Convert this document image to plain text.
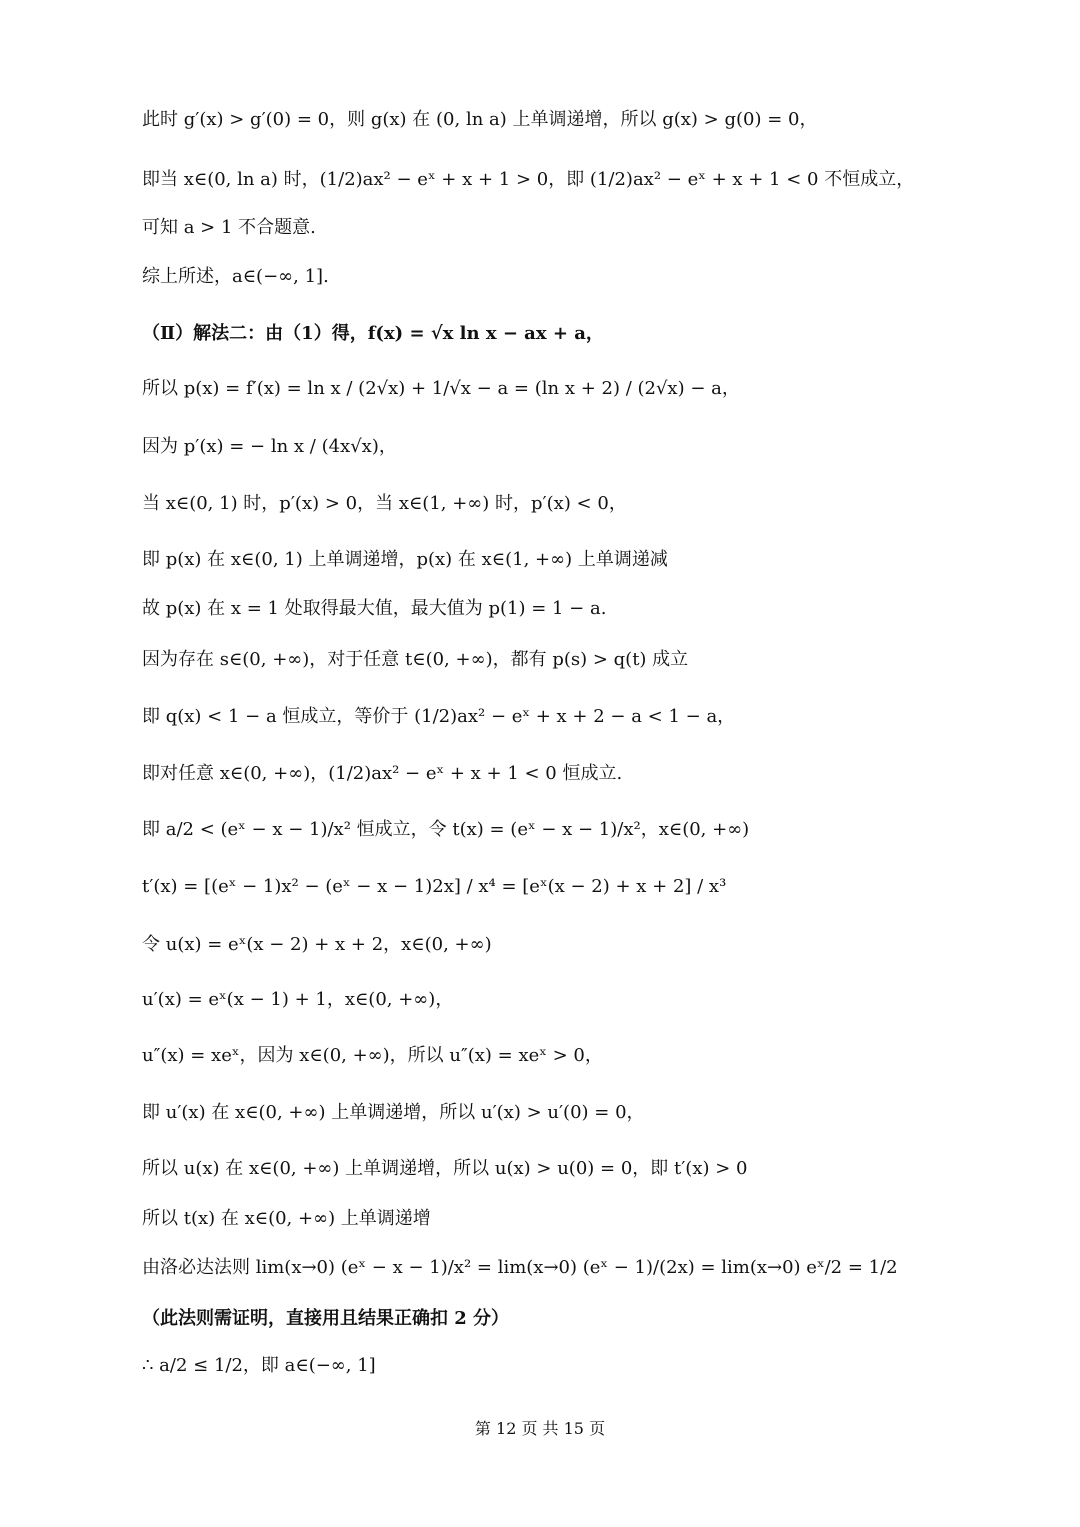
此时 g′(x) > g′(0) = 0，则 g(x) 在 (0, ln a) 上单调递增，所以 g(x) > g(0) = 0，
即当 x∈(0, ln a) 时，(1/2)ax² − eˣ + x + 1 > 0，即 (1/2)ax² − eˣ + x + 1 < 0 不恒成立，
可知 a > 1 不合题意.
综上所述，a∈(−∞, 1].
（Ⅱ）解法二：由（1）得，f(x) = √x ln x − ax + a，
所以 p(x) = f′(x) = ln x / (2√x) + 1/√x − a = (ln x + 2) / (2√x) − a，
因为 p′(x) = − ln x / (4x√x)，
当 x∈(0, 1) 时，p′(x) > 0，当 x∈(1, +∞) 时，p′(x) < 0，
即 p(x) 在 x∈(0, 1) 上单调递增，p(x) 在 x∈(1, +∞) 上单调递减
故 p(x) 在 x = 1 处取得最大值，最大值为 p(1) = 1 − a.
因为存在 s∈(0, +∞)，对于任意 t∈(0, +∞)，都有 p(s) > q(t) 成立
即 q(x) < 1 − a 恒成立，等价于 (1/2)ax² − eˣ + x + 2 − a < 1 − a，
即对任意 x∈(0, +∞)，(1/2)ax² − eˣ + x + 1 < 0 恒成立.
即 a/2 < (eˣ − x − 1)/x² 恒成立，令 t(x) = (eˣ − x − 1)/x²，x∈(0, +∞)
t′(x) = [(eˣ − 1)x² − (eˣ − x − 1)2x] / x⁴ = [eˣ(x − 2) + x + 2] / x³
令 u(x) = eˣ(x − 2) + x + 2，x∈(0, +∞)
u′(x) = eˣ(x − 1) + 1，x∈(0, +∞)，
u″(x) = xeˣ，因为 x∈(0, +∞)，所以 u″(x) = xeˣ > 0，
即 u′(x) 在 x∈(0, +∞) 上单调递增，所以 u′(x) > u′(0) = 0，
所以 u(x) 在 x∈(0, +∞) 上单调递增，所以 u(x) > u(0) = 0，即 t′(x) > 0
所以 t(x) 在 x∈(0, +∞) 上单调递增
由洛必达法则 lim(x→0) (eˣ − x − 1)/x² = lim(x→0) (eˣ − 1)/(2x) = lim(x→0) eˣ/2 = 1/2
（此法则需证明，直接用且结果正确扣 2 分）
∴ a/2 ≤ 1/2，即 a∈(−∞, 1]
第 12 页 共 15 页
